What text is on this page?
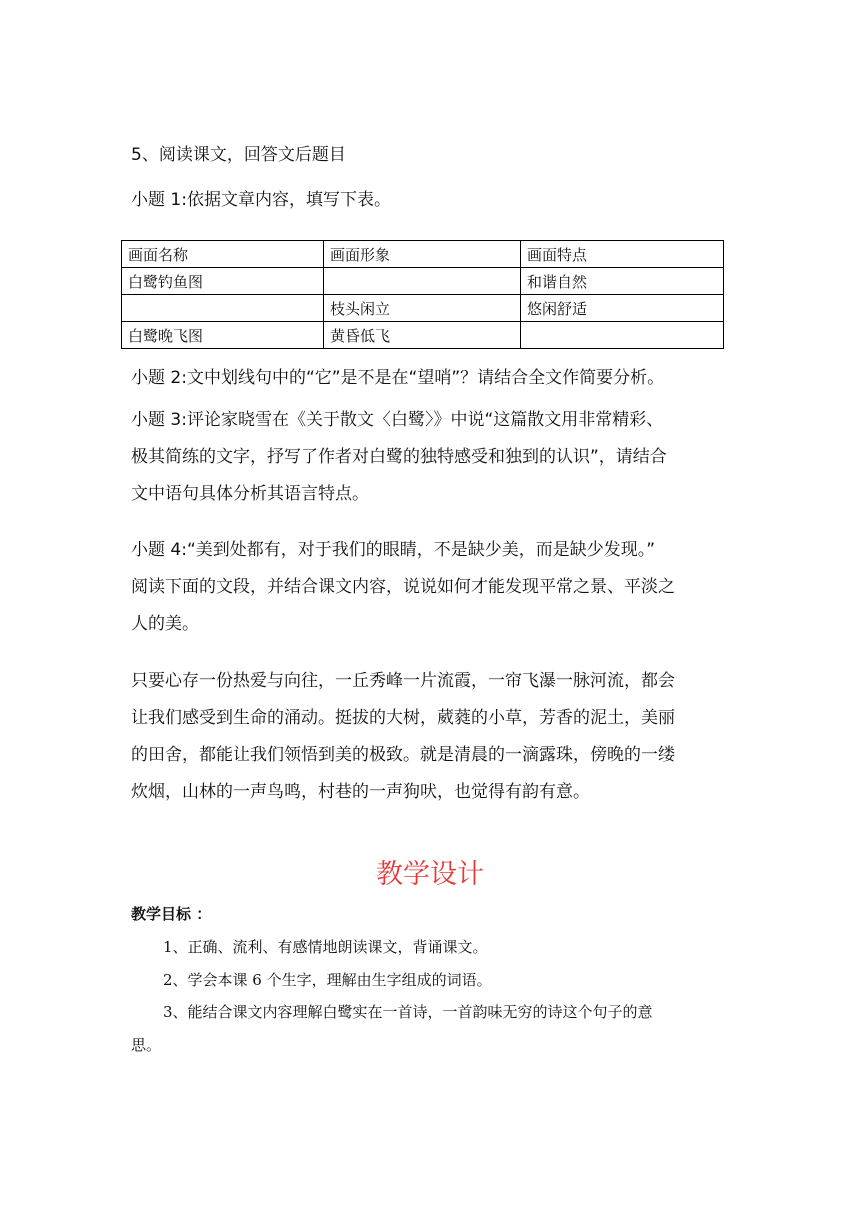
5、阅读课文，回答文后题目
小题 1:依据文章内容，填写下表。
画面名称	画面形象	画面特点
白鹭钓鱼图		和谐自然
	枝头闲立	悠闲舒适
白鹭晚飞图	黄昏低飞	
小题 2:文中划线句中的“它”是不是在“望哨”？请结合全文作简要分析。

小题 3:评论家晓雪在《关于散文〈白鹭〉》中说“这篇散文用非常精彩、

极其简练的文字，抒写了作者对白鹭的独特感受和独到的认识”，请结合

文中语句具体分析其语言特点。

小题 4:“美到处都有，对于我们的眼睛，不是缺少美，而是缺少发现。”

阅读下面的文段，并结合课文内容，说说如何才能发现平常之景、平淡之

人的美。

只要心存一份热爱与向往，一丘秀峰一片流霞，一帘飞瀑一脉河流，都会

让我们感受到生命的涌动。挺拔的大树，葳蕤的小草，芳香的泥土，美丽

的田舍，都能让我们领悟到美的极致。就是清晨的一滴露珠，傍晚的一缕

炊烟，山林的一声鸟鸣，村巷的一声狗吠，也觉得有韵有意。

教学设计
教学目标 ：
1、正确、流利、有感情地朗读课文，背诵课文。
2、学会本课 6 个生字，理解由生字组成的词语。
3、能结合课文内容理解白鹭实在一首诗，一首韵味无穷的诗这个句子的意
思。
